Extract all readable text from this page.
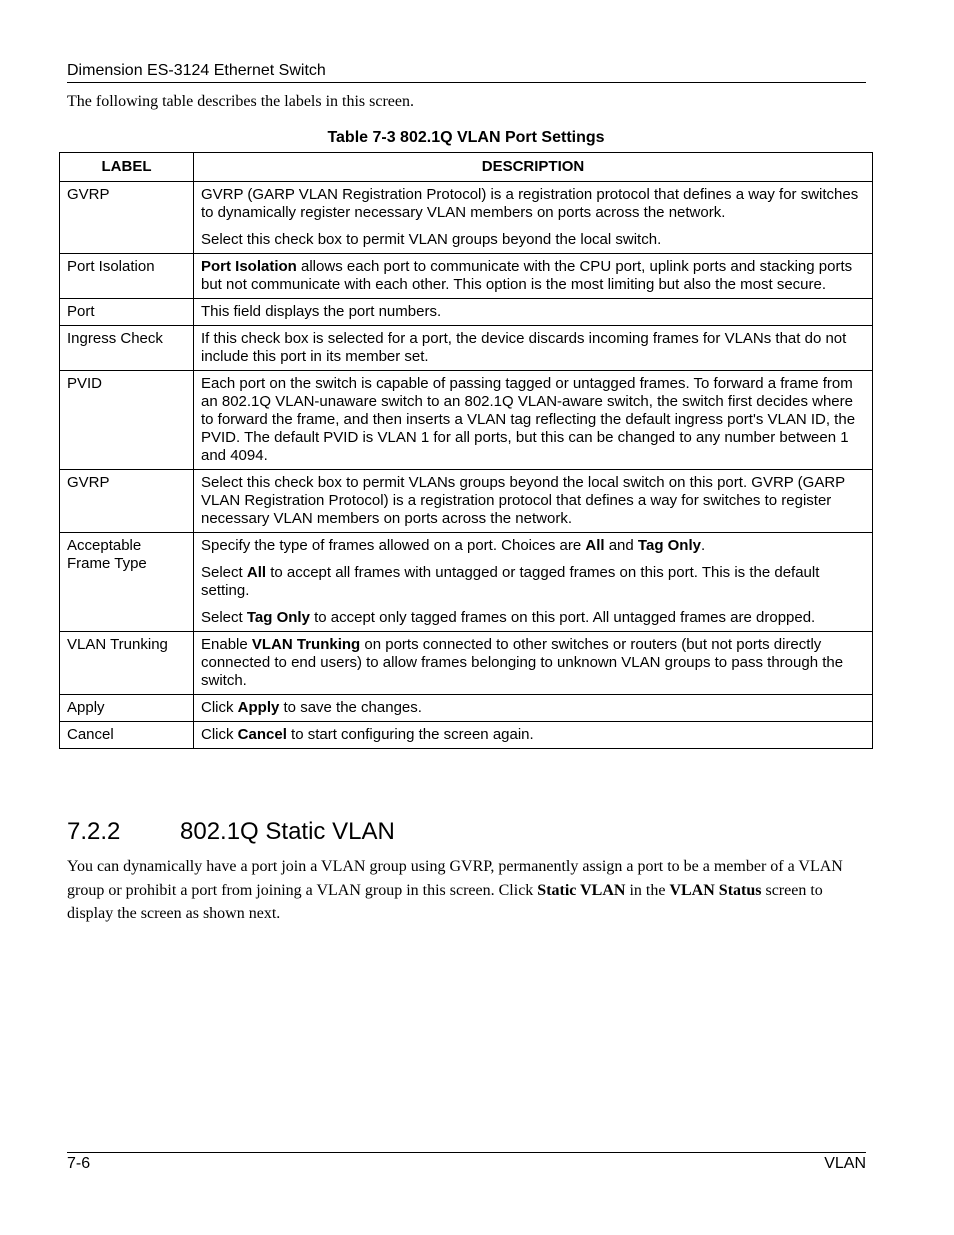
Dimension ES-3124 Ethernet Switch
The following table describes the labels in this screen.
Table 7-3 802.1Q VLAN Port Settings
LABEL	DESCRIPTION
GVRP	GVRP (GARP VLAN Registration Protocol) is a registration protocol that defines a way for switches to dynamically register necessary VLAN members on ports across the network.

Select this check box to permit VLAN groups beyond the local switch.

Port Isolation	Port Isolation allows each port to communicate with the CPU port, uplink ports and stacking ports but not communicate with each other. This option is the most limiting but also the most secure.

Port	This field displays the port numbers.

Ingress Check	If this check box is selected for a port, the device discards incoming frames for VLANs that do not include this port in its member set.

PVID	Each port on the switch is capable of passing tagged or untagged frames. To forward a frame from an 802.1Q VLAN-unaware switch to an 802.1Q VLAN-aware switch, the switch first decides where to forward the frame, and then inserts a VLAN tag reflecting the default ingress port's VLAN ID, the PVID. The default PVID is VLAN 1 for all ports, but this can be changed to any number between 1 and 4094.

GVRP	Select this check box to permit VLANs groups beyond the local switch on this port. GVRP (GARP VLAN Registration Protocol) is a registration protocol that defines a way for switches to register necessary VLAN members on ports across the network.

Acceptable Frame Type	Specify the type of frames allowed on a port. Choices are All and Tag Only.

Select All to accept all frames with untagged or tagged frames on this port. This is the default setting.

Select Tag Only to accept only tagged frames on this port. All untagged frames are dropped.

VLAN Trunking	Enable VLAN Trunking on ports connected to other switches or routers (but not ports directly connected to end users) to allow frames belonging to unknown VLAN groups to pass through the switch.

Apply	Click Apply to save the changes.

Cancel	Click Cancel to start configuring the screen again.

7.2.2 802.1Q Static VLAN
You can dynamically have a port join a VLAN group using GVRP, permanently assign a port to be a member of a VLAN group or prohibit a port from joining a VLAN group in this screen. Click Static VLAN in the VLAN Status screen to display the screen as shown next.
7-6	VLAN
